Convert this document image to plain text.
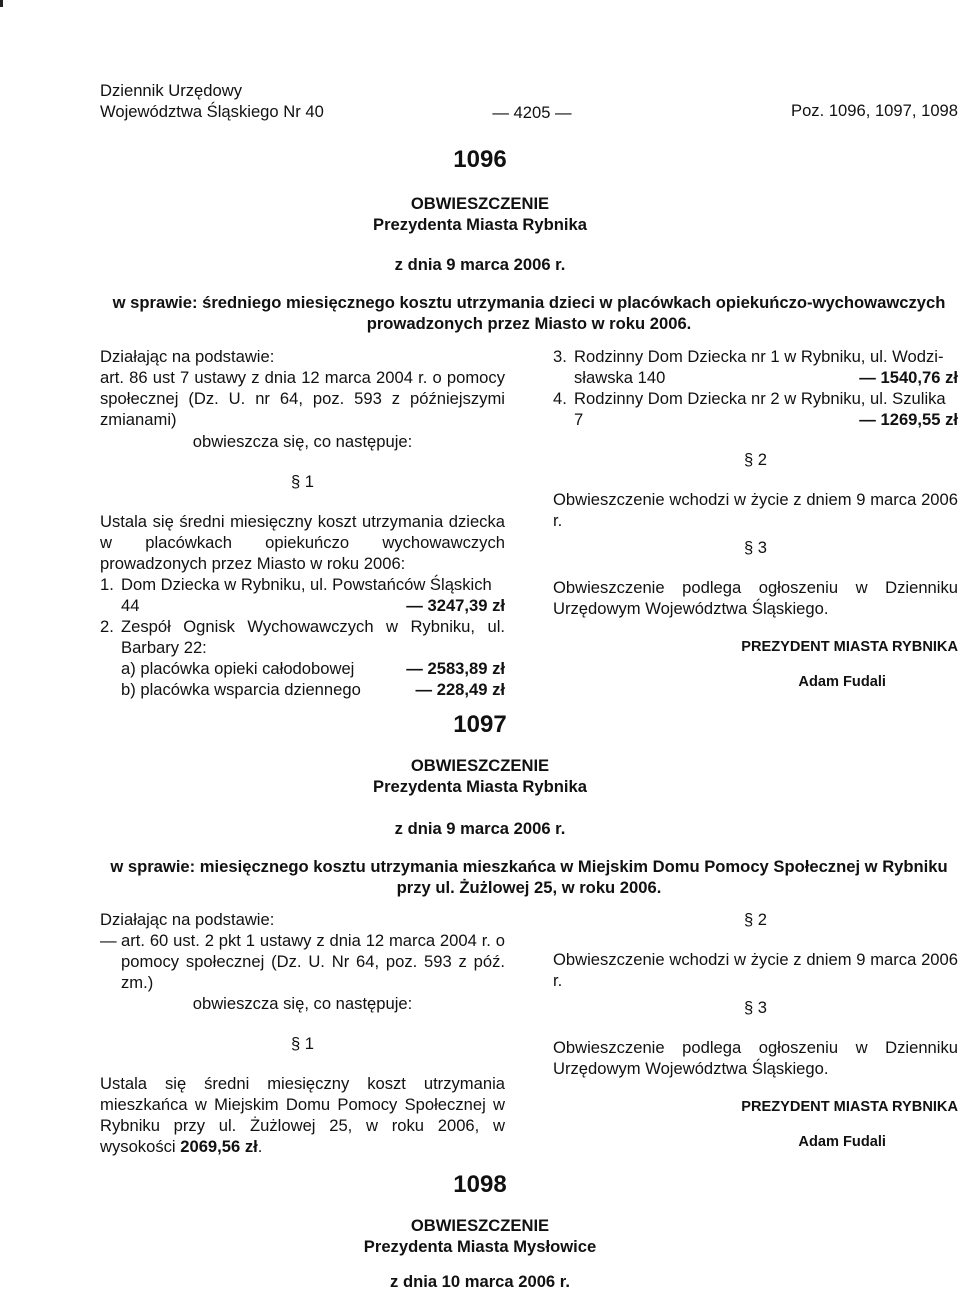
Dziennik Urzędowy
Województwa Śląskiego Nr 40	— 4205 —	Poz. 1096, 1097, 1098
1096
OBWIESZCZENIE
Prezydenta Miasta Rybnika
z dnia 9 marca 2006 r.
w sprawie: średniego miesięcznego kosztu utrzymania dzieci w placówkach opiekuńczo-wychowawczych
prowadzonych przez Miasto w roku 2006.
Działając na podstawie:
art. 86 ust 7 ustawy z dnia 12 marca 2004 r. o pomocy społecznej (Dz. U. nr 64, poz. 593 z późniejszymi zmianami)
obwieszcza się, co następuje:
§ 1
Ustala się średni miesięczny koszt utrzymania dziecka w placówkach opiekuńczo wychowawczych prowadzonych przez Miasto w roku 2006:
1. Dom Dziecka w Rybniku, ul. Powstańców Śląskich
44	— 3247,39 zł
2. Zespół Ognisk Wychowawczych w Rybniku, ul. Barbary 22:
a) placówka opieki całodobowej	— 2583,89 zł
b) placówka wsparcia dziennego	— 228,49 zł
3. Rodzinny Dom Dziecka nr 1 w Rybniku, ul. Wodzi-
sławska 140	— 1540,76 zł
4. Rodzinny Dom Dziecka nr 2 w Rybniku, ul. Szulika
7	— 1269,55 zł
§ 2
Obwieszczenie wchodzi w życie z dniem 9 marca 2006 r.
§ 3
Obwieszczenie podlega ogłoszeniu w Dzienniku Urzędowym Województwa Śląskiego.
PREZYDENT MIASTA RYBNIKA
Adam Fudali
1097
OBWIESZCZENIE
Prezydenta Miasta Rybnika
z dnia 9 marca 2006 r.
w sprawie: miesięcznego kosztu utrzymania mieszkańca w Miejskim Domu Pomocy Społecznej w Rybniku
przy ul. Żużlowej 25, w roku 2006.
Działając na podstawie:
— art. 60 ust. 2 pkt 1 ustawy z dnia 12 marca 2004 r. o pomocy społecznej (Dz. U. Nr 64, poz. 593 z póź. zm.)
obwieszcza się, co następuje:
§ 1
Ustala się średni miesięczny koszt utrzymania mieszkańca w Miejskim Domu Pomocy Społecznej w Rybniku przy ul. Żużlowej 25, w roku 2006, w wysokości 2069,56 zł.
§ 2
Obwieszczenie wchodzi w życie z dniem 9 marca 2006 r.
§ 3
Obwieszczenie podlega ogłoszeniu w Dzienniku Urzędowym Województwa Śląskiego.
PREZYDENT MIASTA RYBNIKA
Adam Fudali
1098
OBWIESZCZENIE
Prezydenta Miasta Mysłowice
z dnia 10 marca 2006 r.
